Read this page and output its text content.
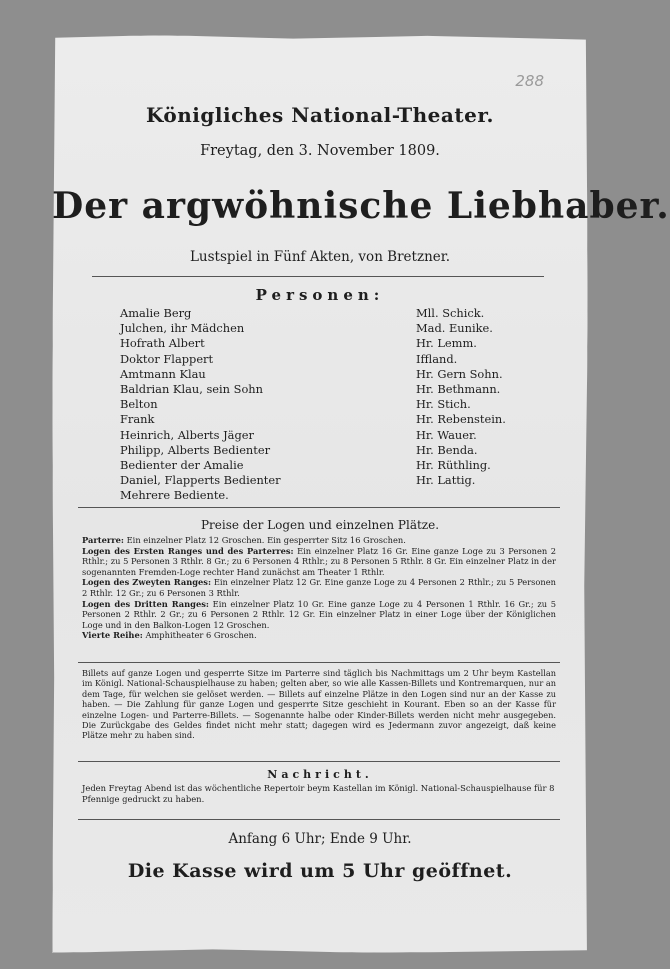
288
Königliches National-Theater.
Freytag, den 3. November 1809.
Der argwöhnische Liebhaber.
Lustspiel in Fünf Akten, von Bretzner.
Personen:
Amalie Berg	Mll. Schick.
Julchen, ihr Mädchen	Mad. Eunike.
Hofrath Albert	Hr. Lemm.
Doktor Flappert	Iffland.
Amtmann Klau	Hr. Gern Sohn.
Baldrian Klau, sein Sohn	Hr. Bethmann.
Belton	Hr. Stich.
Frank	Hr. Rebenstein.
Heinrich, Alberts Jäger	Hr. Wauer.
Philipp, Alberts Bedienter	Hr. Benda.
Bedienter der Amalie	Hr. Rüthling.
Daniel, Flapperts Bedienter	Hr. Lattig.
Mehrere Bediente.
Preise der Logen und einzelnen Plätze.

Parterre: Ein einzelner Platz 12 Groschen. Ein gesperrter Sitz 16 Groschen.

Logen des Ersten Ranges und des Parterres: Ein einzelner Platz 16 Gr. Eine ganze Loge zu 3 Personen 2 Rthlr.; zu 5 Personen 3 Rthlr. 8 Gr.; zu 6 Personen 4 Rthlr.; zu 8 Personen 5 Rthlr. 8 Gr. Ein einzelner Platz in der sogenannten Fremden-Loge rechter Hand zunächst am Theater 1 Rthlr.

Logen des Zweyten Ranges: Ein einzelner Platz 12 Gr. Eine ganze Loge zu 4 Personen 2 Rthlr.; zu 5 Personen 2 Rthlr. 12 Gr.; zu 6 Personen 3 Rthlr.

Logen des Dritten Ranges: Ein einzelner Platz 10 Gr. Eine ganze Loge zu 4 Personen 1 Rthlr. 16 Gr.; zu 5 Personen 2 Rthlr. 2 Gr.; zu 6 Personen 2 Rthlr. 12 Gr. Ein einzelner Platz in einer Loge über der Königlichen Loge und in den Balkon-Logen 12 Groschen.

Vierte Reihe: Amphitheater 6 Groschen.

Billets auf ganze Logen und gesperrte Sitze im Parterre sind täglich bis Nachmittags um 2 Uhr beym Kastellan im Königl. National-Schauspielhause zu haben; gelten aber, so wie alle Kassen-Billets und Kontremarquen, nur an dem Tage, für welchen sie gelöset werden. — Billets auf einzelne Plätze in den Logen sind nur an der Kasse zu haben. — Die Zahlung für ganze Logen und gesperrte Sitze geschieht in Kourant. Eben so an der Kasse für einzelne Logen- und Parterre-Billets. — Sogenannte halbe oder Kinder-Billets werden nicht mehr ausgegeben. Die Zurückgabe des Geldes findet nicht mehr statt; dagegen wird es Jedermann zuvor angezeigt, daß keine Plätze mehr zu haben sind.
Nachricht.
Jeden Freytag Abend ist das wöchentliche Repertoir beym Kastellan im Königl. National-Schauspielhause für 8 Pfennige gedruckt zu haben.
Anfang 6 Uhr; Ende 9 Uhr.
Die Kasse wird um 5 Uhr geöffnet.
